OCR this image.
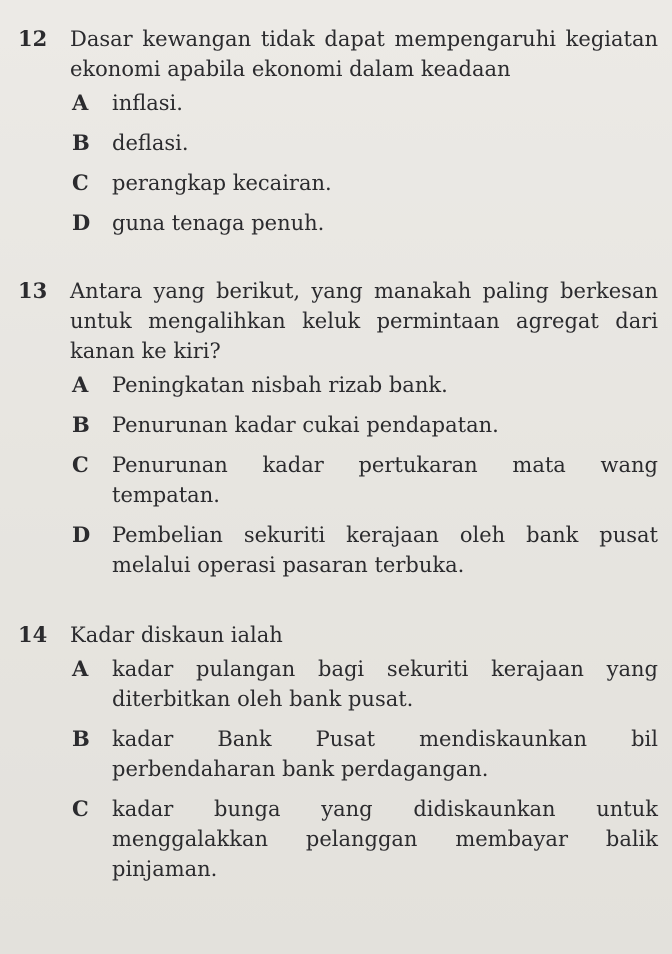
12 Dasar kewangan tidak dapat mempengaruhi kegiatan ekonomi apabila ekonomi dalam keadaan
A inflasi.
B deflasi.
C perangkap kecairan.
D guna tenaga penuh.
13 Antara yang berikut, yang manakah paling berkesan untuk mengalihkan keluk permintaan agregat dari kanan ke kiri?
A Peningkatan nisbah rizab bank.
B Penurunan kadar cukai pendapatan.
C Penurunan kadar pertukaran mata wang tempatan.
D Pembelian sekuriti kerajaan oleh bank pusat melalui operasi pasaran terbuka.
14 Kadar diskaun ialah
A kadar pulangan bagi sekuriti kerajaan yang diterbitkan oleh bank pusat.
B kadar Bank Pusat mendiskaunkan bil perbendaharan bank perdagangan.
C kadar bunga yang didiskaunkan untuk menggalakkan pelanggan membayar balik pinjaman.
